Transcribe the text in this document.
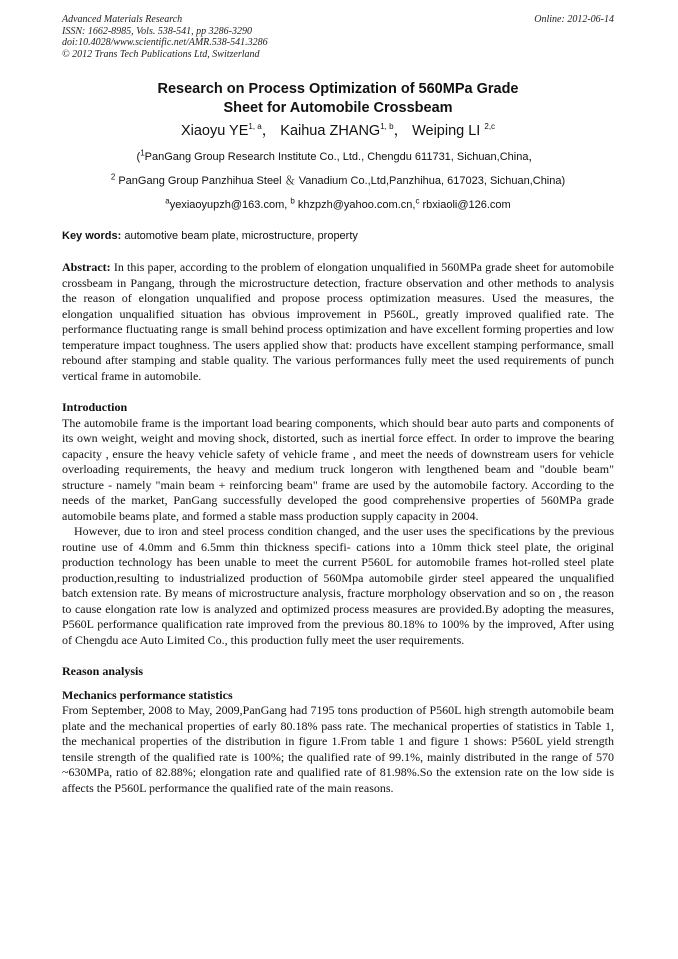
Advanced Materials Research
ISSN: 1662-8985, Vols. 538-541, pp 3286-3290
doi:10.4028/www.scientific.net/AMR.538-541.3286
© 2012 Trans Tech Publications Ltd, Switzerland
Online: 2012-06-14
Research on Process Optimization of 560MPa Grade
Sheet for Automobile Crossbeam
Xiaoyu YE$^{1, a}$， Kaihua ZHANG$^{1, b}$， Weiping LI $^{2,c}$
($^1$PanGang Group Research Institute Co., Ltd., Chengdu 611731, Sichuan,China，
$^2$ PanGang Group Panzhihua Steel ＆ Vanadium Co.,Ltd,Panzhihua, 617023, Sichuan,China)
$^a$yexiaoyupzh@163.com, $^b$ khzpzh@yahoo.com.cn,$^c$ rbxiaoli@126.com
Key words: automotive beam plate, microstructure, property

Abstract: In this paper, according to the problem of elongation unqualified in 560MPa grade sheet for automobile crossbeam in Pangang, through the microstructure detection, fracture observation and other methods to analysis the reason of elongation unqualified and propose process optimization measures. Used the measures, the elongation unqualified situation has obvious improvement in P560L, greatly improved qualified rate. The performance fluctuating range is small behind process optimization and have excellent forming properties and low temperature impact toughness. The users applied show that: products have excellent stamping performance, small rebound after stamping and stable quality. The various performances fully meet the used requirements of punch vertical frame in automobile.

Introduction

The automobile frame is the important load bearing components, which should bear auto parts and components of its own weight, weight and moving shock, distorted, such as inertial force effect. In order to improve the bearing capacity , ensure the heavy vehicle safety of vehicle frame , and meet the needs of downstream users for vehicle overloading requirements, the heavy and medium truck longeron with lengthened beam and "double beam" structure - namely "main beam + reinforcing beam" frame are used by the automobile factory. According to the needs of the market, PanGang successfully developed the good comprehensive properties of 560MPa grade automobile beams plate, and formed a stable mass production supply capacity in 2004.

However, due to iron and steel process condition changed, and the user uses the specifications by the previous routine use of 4.0mm and 6.5mm thin thickness specifi- cations into a 10mm thick steel plate, the original production technology has been unable to meet the current P560L for automobile frames hot-rolled steel plate production,resulting to industrialized production of 560Mpa automobile girder steel appeared the unqualified batch extension rate. By means of microstructure analysis, fracture morphology observation and so on , the reason to cause elongation rate low is analyzed and optimized process measures are provided.By adopting the measures, P560L performance qualification rate improved from the previous 80.18% to 100% by the improved, After using of Chengdu ace Auto Limited Co., this production fully meet the user requirements.

Reason analysis
Mechanics performance statistics

From September, 2008 to May, 2009,PanGang had 7195 tons production of P560L high strength automobile beam plate and the mechanical properties of early 80.18% pass rate. The mechanical properties of statistics in Table 1, the mechanical properties of the distribution in figure 1.From table 1 and figure 1 shows: P560L yield strength tensile strength of the qualified rate is 100%; the qualified rate of 99.1%, mainly distributed in the range of 570 ~630MPa, ratio of 82.88%; elongation rate and qualified rate of 81.98%.So the extension rate on the low side is affects the P560L performance the qualified rate of the main reasons.
